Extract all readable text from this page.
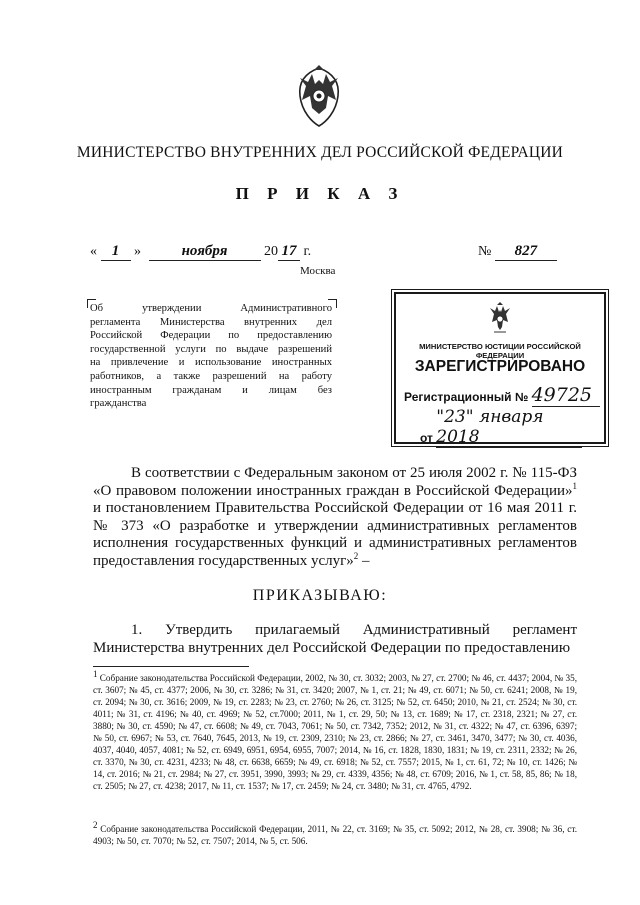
МИНИСТЕРСТВО ВНУТРЕННИХ ДЕЛ РОССИЙСКОЙ ФЕДЕРАЦИИ
П Р И К А З
« 1 »	ноября	20 17 г.	№ 827
Москва
Об утверждении Административного
регламента Министерства внутренних дел
Российской Федерации по предоставлению
государственной услуги по выдаче разрешений
на привлечение и использование иностранных
работников, а также разрешений на работу
иностранным гражданам и лицам без
гражданства
МИНИСТЕРСТВО ЮСТИЦИИ РОССИЙСКОЙ ФЕДЕРАЦИИ
ЗАРЕГИСТРИРОВАНО
Регистрационный № 49725
от "23" января 2018
В соответствии с Федеральным законом от 25 июля 2002 г. № 115-ФЗ «О правовом положении иностранных граждан в Российской Федерации»$^1$ и постановлением Правительства Российской Федерации от 16 мая 2011 г. № 373 «О разработке и утверждении административных регламентов исполнения государственных функций и административных регламентов предоставления государственных услуг»$^2$ –
ПРИКАЗЫВАЮ:
1. Утвердить прилагаемый Административный регламент Министерства внутренних дел Российской Федерации по предоставлению
$^1$ Собрание законодательства Российской Федерации, 2002, № 30, ст. 3032; 2003, № 27, ст. 2700; № 46, ст. 4437; 2004, № 35, ст. 3607; № 45, ст. 4377; 2006, № 30, ст. 3286; № 31, ст. 3420; 2007, № 1, ст. 21; № 49, ст. 6071; № 50, ст. 6241; 2008, № 19, ст. 2094; № 30, ст. 3616; 2009, № 19, ст. 2283; № 23, ст. 2760; № 26, ст. 3125; № 52, ст. 6450; 2010, № 21, ст. 2524; № 30, ст. 4011; № 31, ст. 4196; № 40, ст. 4969; № 52, ст.7000; 2011, № 1, ст. 29, 50; № 13, ст. 1689; № 17, ст. 2318, 2321; № 27, ст. 3880; № 30, ст. 4590; № 47, ст. 6608; № 49, ст. 7043, 7061; № 50, ст. 7342, 7352; 2012, № 31, ст. 4322; № 47, ст. 6396, 6397; № 50, ст. 6967; № 53, ст. 7640, 7645, 2013, № 19, ст. 2309, 2310; № 23, ст. 2866; № 27, ст. 3461, 3470, 3477; № 30, ст. 4036, 4037, 4040, 4057, 4081; № 52, ст. 6949, 6951, 6954, 6955, 7007; 2014, № 16, ст. 1828, 1830, 1831; № 19, ст. 2311, 2332; № 26, ст. 3370, № 30, ст. 4231, 4233; № 48, ст. 6638, 6659; № 49, ст. 6918; № 52, ст. 7557; 2015, № 1, ст. 61, 72; № 10, ст. 1426; № 14, ст. 2016; № 21, ст. 2984; № 27, ст. 3951, 3990, 3993; № 29, ст. 4339, 4356; № 48, ст. 6709; 2016, № 1, ст. 58, 85, 86; № 18, ст. 2505; № 27, ст. 4238; 2017, № 11, ст. 1537; № 17, ст. 2459; № 24, ст. 3480; № 31, ст. 4765, 4792.
$^2$ Собрание законодательства Российской Федерации, 2011, № 22, ст. 3169; № 35, ст. 5092; 2012, № 28, ст. 3908; № 36, ст. 4903; № 50, ст. 7070; № 52, ст. 7507; 2014, № 5, ст. 506.
